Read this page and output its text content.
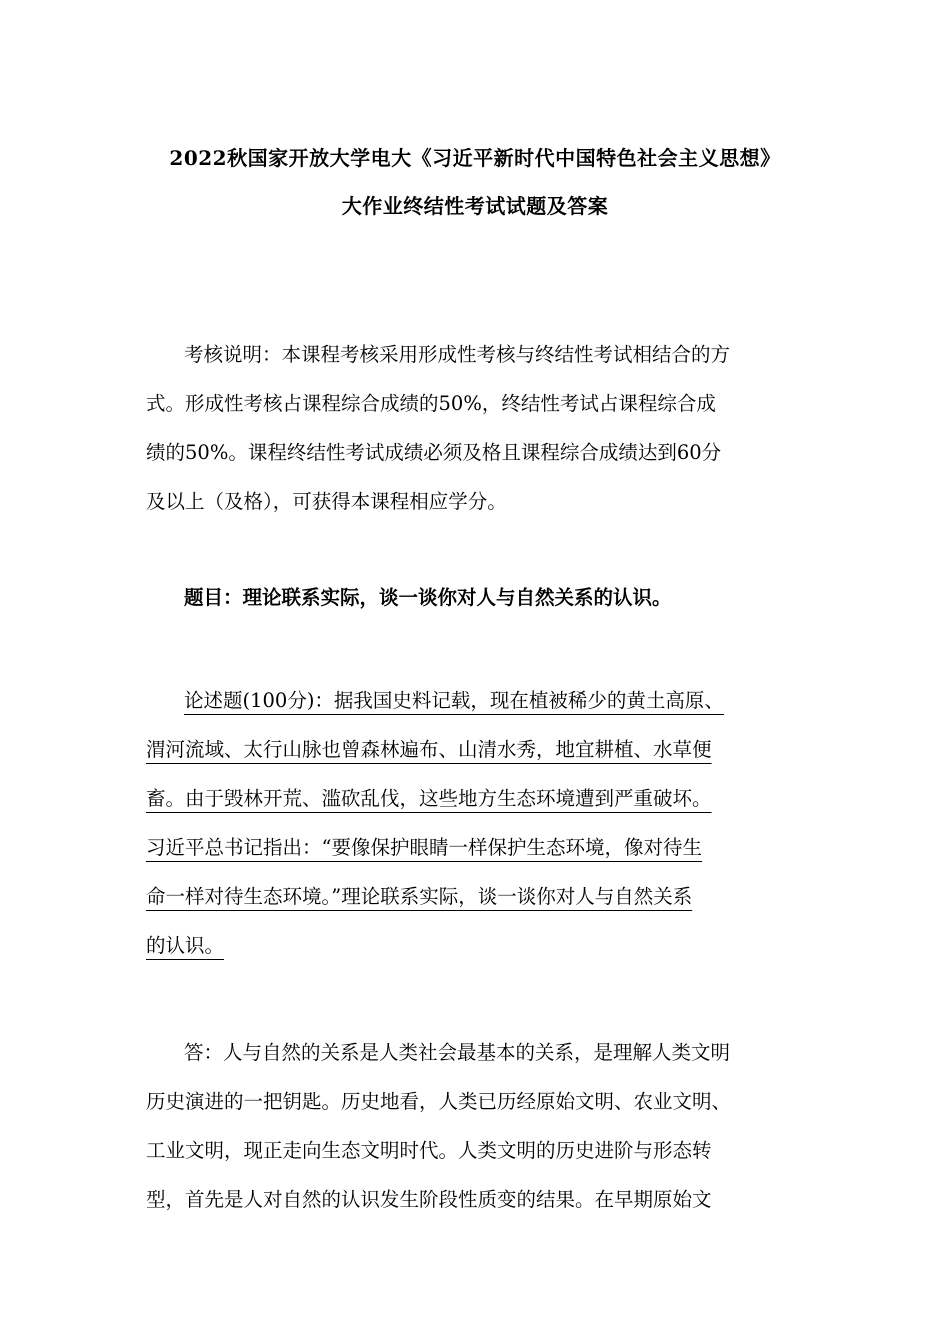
2022秋国家开放大学电大《习近平新时代中国特色社会主义思想》
大作业终结性考试试题及答案
考核说明：本课程考核采用形成性考核与终结性考试相结合的方
式。形成性考核占课程综合成绩的50%，终结性考试占课程综合成
绩的50%。课程终结性考试成绩必须及格且课程综合成绩达到60分
及以上（及格），可获得本课程相应学分。
题目：理论联系实际，谈一谈你对人与自然关系的认识。
论述题(100分)：据我国史料记载，现在植被稀少的黄土高原、
渭河流域、太行山脉也曾森林遍布、山清水秀，地宜耕植、水草便
畜。由于毁林开荒、滥砍乱伐，这些地方生态环境遭到严重破坏。
习近平总书记指出：“要像保护眼睛一样保护生态环境，像对待生
命一样对待生态环境。”理论联系实际，谈一谈你对人与自然关系
的认识。
答：人与自然的关系是人类社会最基本的关系，是理解人类文明
历史演进的一把钥匙。历史地看，人类已历经原始文明、农业文明、
工业文明，现正走向生态文明时代。人类文明的历史进阶与形态转
型，首先是人对自然的认识发生阶段性质变的结果。在早期原始文
